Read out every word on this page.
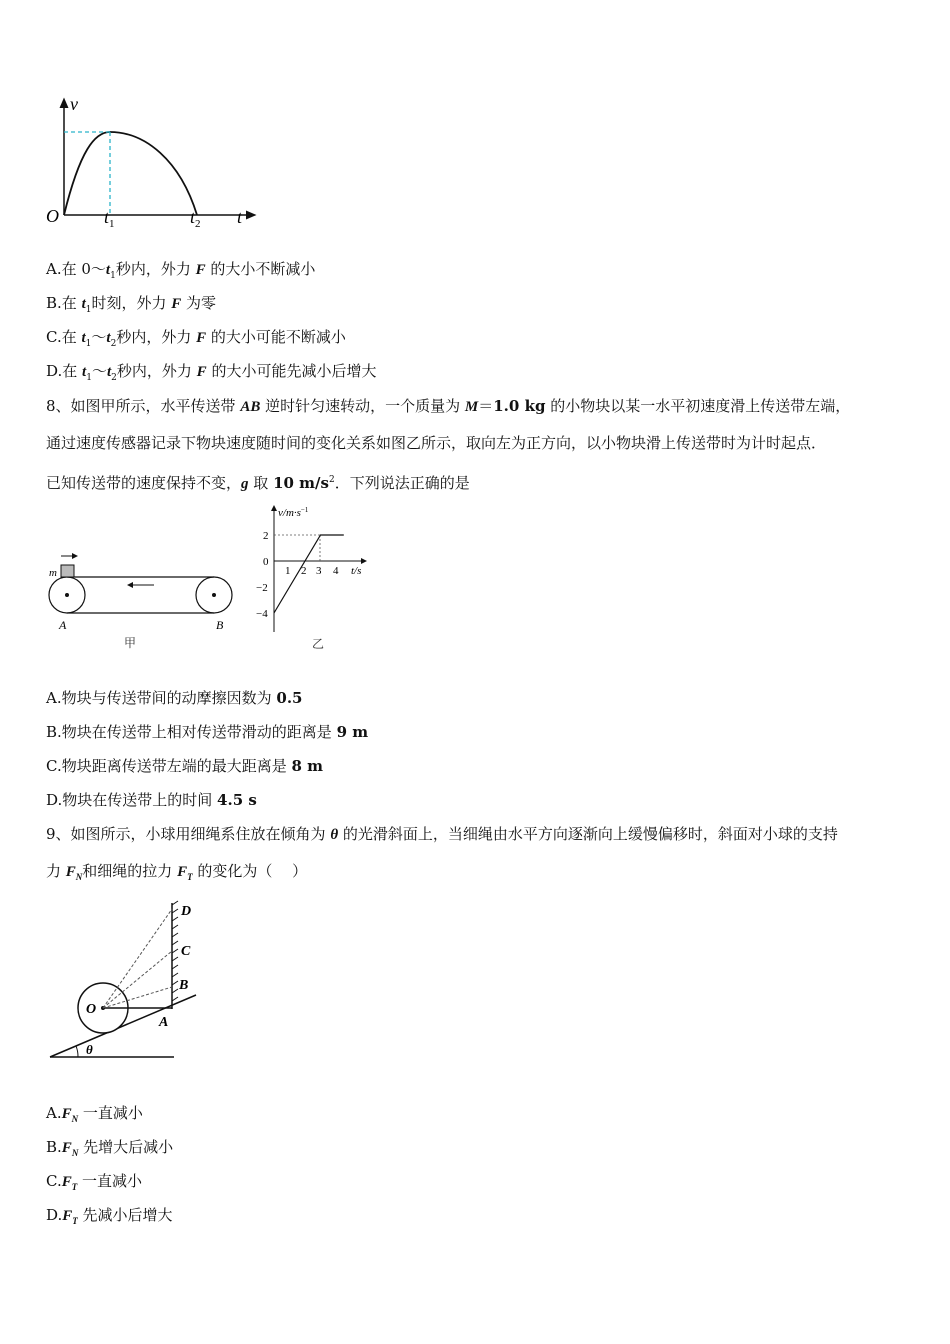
v
O	$t_1$	$t_2$ t
A.在 $0\sim t_1$秒内，外力 F 的大小不断减小
B.在 $t_1$时刻，外力 F 为零
C.在 $t_1\sim t_2$秒内，外力 F 的大小可能不断减小
D.在 $t_1\sim t_2$秒内，外力 F 的大小可能先减小后增大
8、如图甲所示，水平传送带 AB 逆时针匀速转动，一个质量为 M＝1.0 kg 的小物块以某一水平初速度滑上传送带左端，
通过速度传感器记录下物块速度随时间的变化关系如图乙所示，取向左为正方向，以小物块滑上传送带时为计时起点．
已知传送带的速度保持不变，g 取 10 $m/s^2$．下列说法正确的是
m
A	B
甲
$v/m\cdot s^{-1}$
t/s
2
0
−2
−4
1 2 3 4
乙
A.物块与传送带间的动摩擦因数为 0.5
B.物块在传送带上相对传送带滑动的距离是 9 m
C.物块距离传送带左端的最大距离是 8 m
D.物块在传送带上的时间 4.5 s
9、如图所示，小球用细绳系住放在倾角为 θ 的光滑斜面上，当细绳由水平方向逐渐向上缓慢偏移时，斜面对小球的支持
力 $F_N$和细绳的拉力 $F_T$ 的变化为（　 ）
D
C
B
A
O
θ
$A.F_N$ 一直减小
$B.F_N$ 先增大后减小
$C.F_T$ 一直减小
$D.F_T$ 先减小后增大
